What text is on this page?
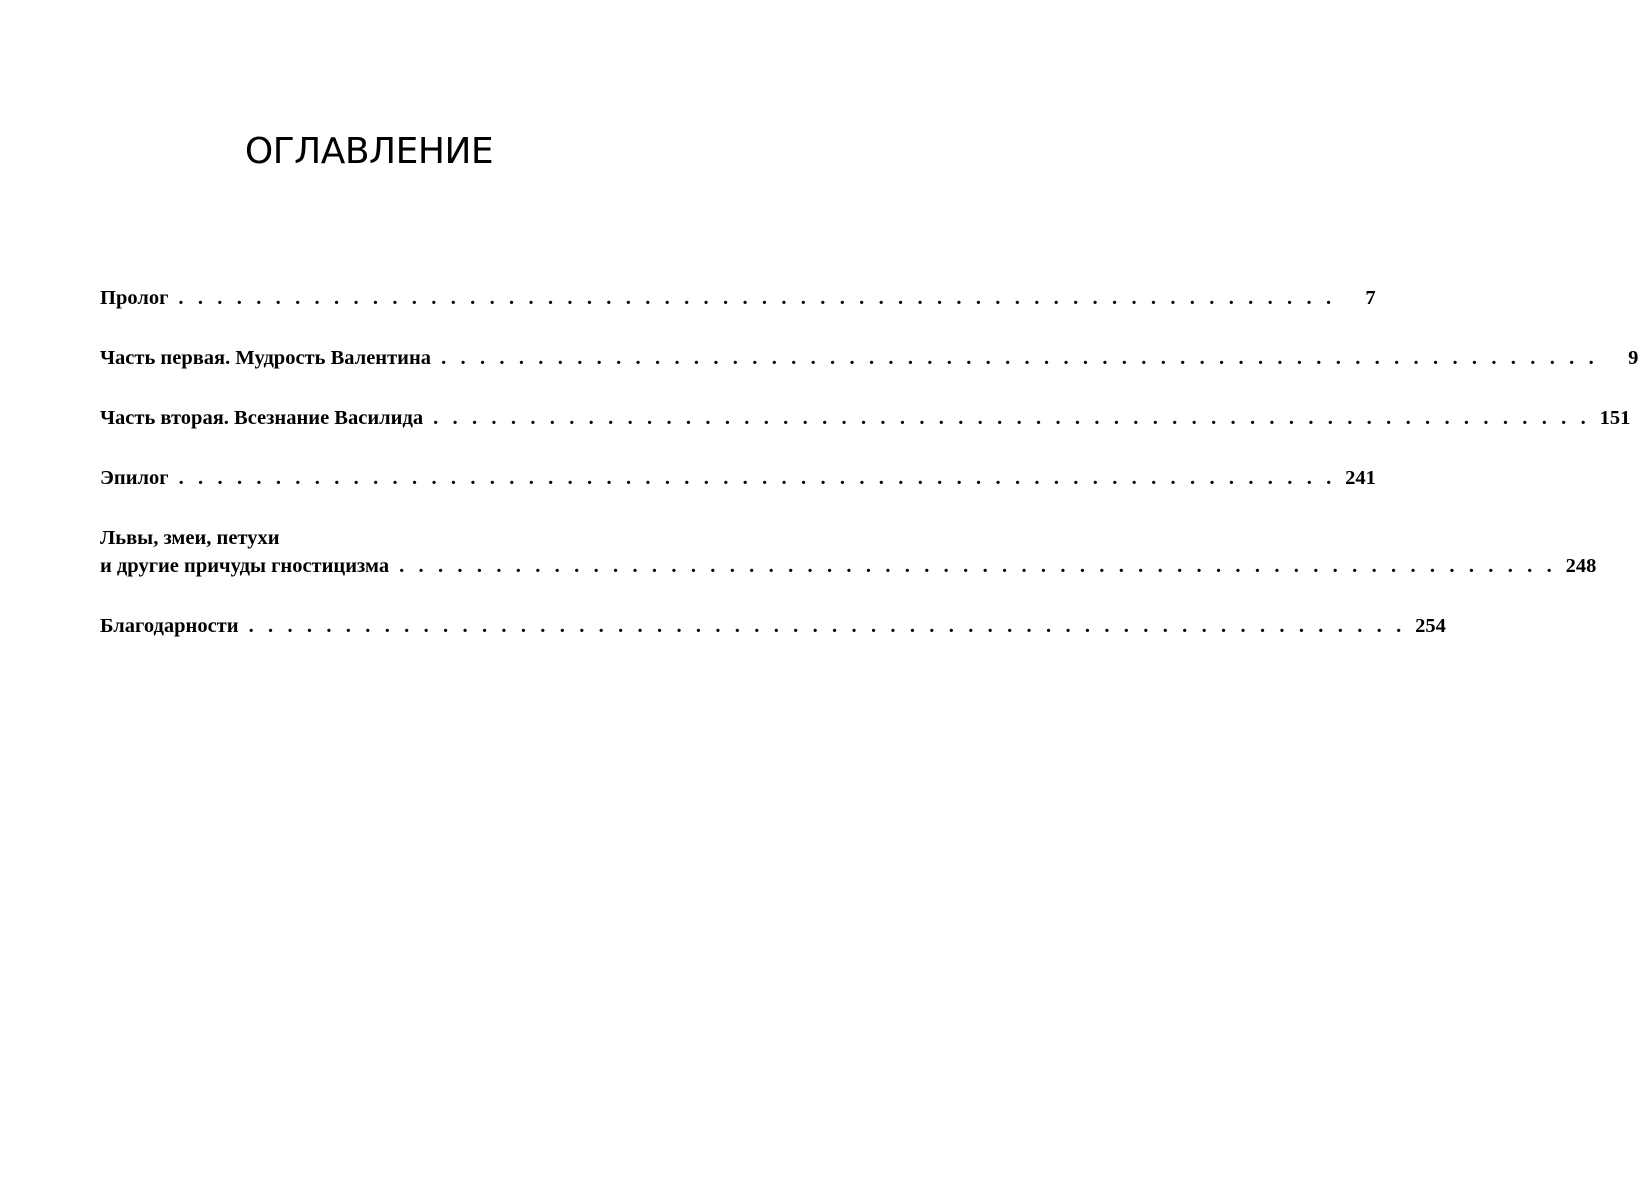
ОГЛАВЛЕНИЕ
Пролог . . . . . . . . . . . . . . . . . . . . . . . . . . . . . . . . . . . . . . . . . . . . . . . . . . . . . . . . . . . .	7
Часть первая. Мудрость Валентина . . . . . . . . . . . . . . . . . . . . . . . . . . . . . . . . . . . . . . . . . . . . . . . . . . . . . . . . . . . .	9
Часть вторая. Всезнание Василида . . . . . . . . . . . . . . . . . . . . . . . . . . . . . . . . . . . . . . . . . . . . . . . . . . . . . . . . . . . . 151
Эпилог . . . . . . . . . . . . . . . . . . . . . . . . . . . . . . . . . . . . . . . . . . . . . . . . . . . . . . . . . . . . 241
Львы, змеи, петухи
и другие причуды гностицизма . . . . . . . . . . . . . . . . . . . . . . . . . . . . . . . . . . . . . . . . . . . . . . . . . . . . . . . . . . . . 248
Благодарности . . . . . . . . . . . . . . . . . . . . . . . . . . . . . . . . . . . . . . . . . . . . . . . . . . . . . . . . . . . . 254
